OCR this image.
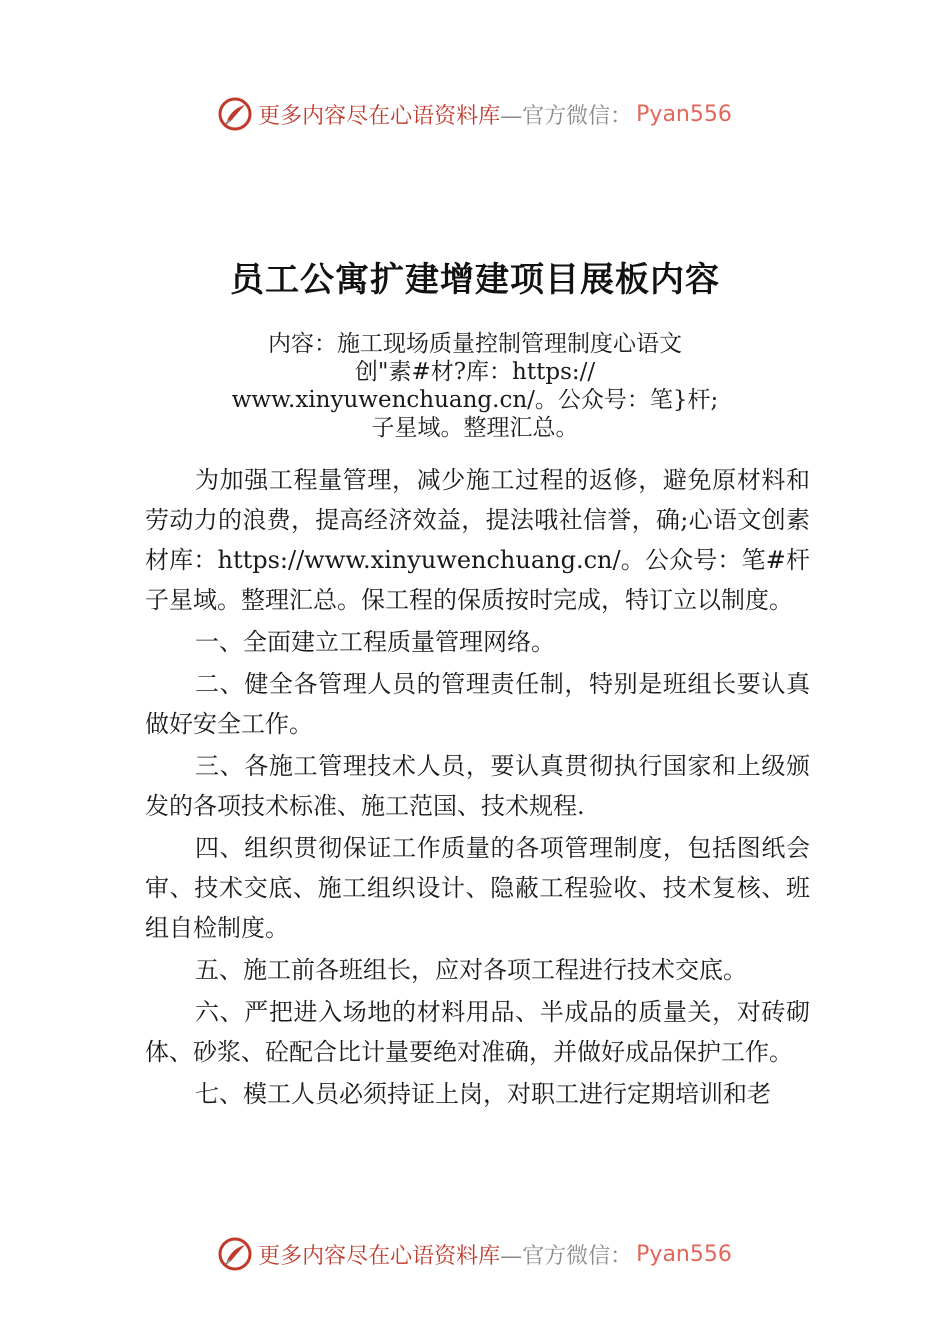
更多内容尽在心语资料库 —官方微信： Pyan556
员工公寓扩建增建项目展板内容
内容：施工现场质量控制管理制度心语文
创"素#材?库：https://
www.xinyuwenchuang.cn/。公众号：笔}杆;
子星域。整理汇总。

为加强工程量管理，减少施工过程的返修，避免原材料和劳动力的浪费，提高经济效益，提法哦社信誉，确;心语文创素材库：https://www.xinyuwenchuang.cn/。公众号：笔#杆子星域。整理汇总。保工程的保质按时完成，特订立以制度。

一、全面建立工程质量管理网络。

二、健全各管理人员的管理责任制，特别是班组长要认真做好安全工作。

三、各施工管理技术人员，要认真贯彻执行国家和上级颁发的各项技术标准、施工范国、技术规程.

四、组织贯彻保证工作质量的各项管理制度，包括图纸会审、技术交底、施工组织设计、隐蔽工程验收、技术复核、班组自检制度。

五、施工前各班组长，应对各项工程进行技术交底。

六、严把进入场地的材料用品、半成品的质量关，对砖砌体、砂浆、砼配合比计量要绝对准确，并做好成品保护工作。

七、模工人员必须持证上岗，对职工进行定期培训和老

更多内容尽在心语资料库 —官方微信： Pyan556
